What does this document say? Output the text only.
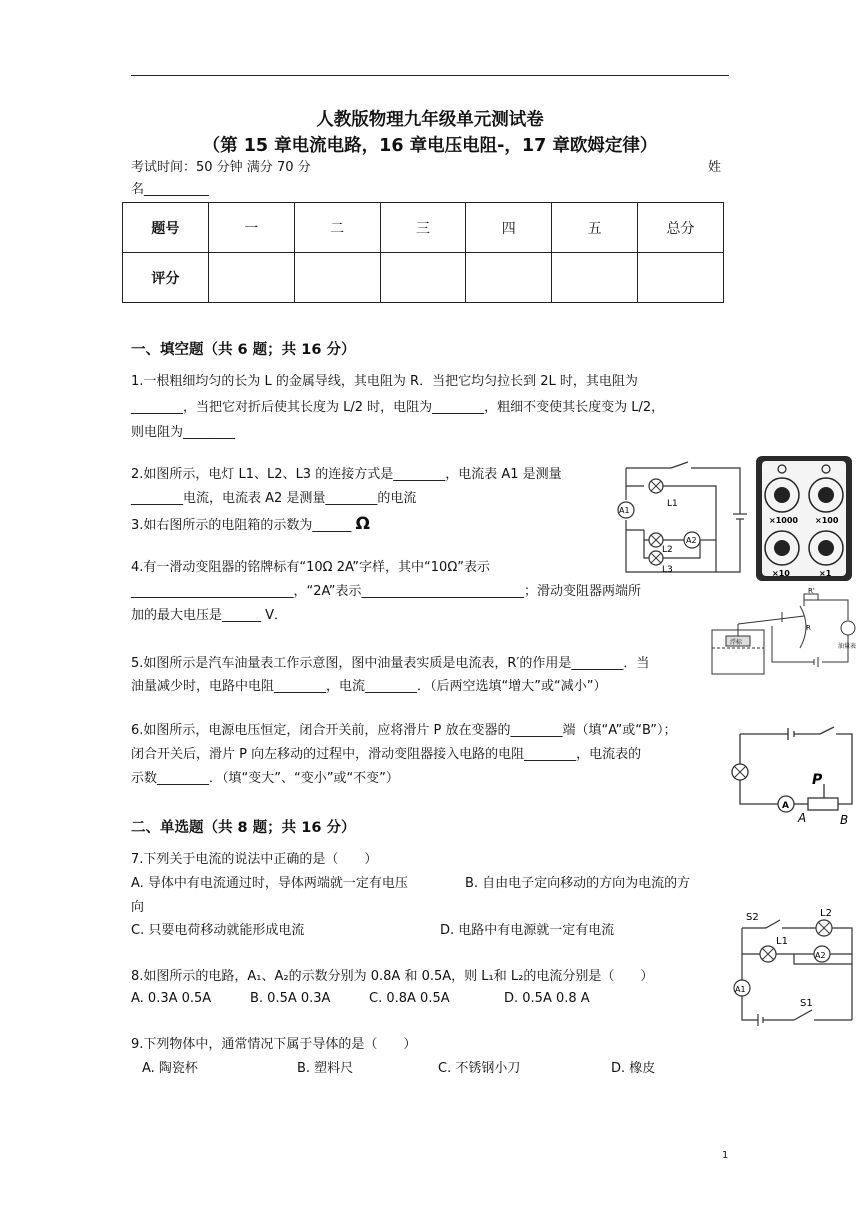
人教版物理九年级单元测试卷
（第 15 章电流电路，16 章电压电阻-，17 章欧姆定律）
考试时间：50 分钟 满分 70 分	姓
名__________
题号	一	二	三	四	五	总分
评分						
一、填空题（共 6 题；共 16 分）
1.一根粗细均匀的长为 L 的金属导线，其电阻为 R．当把它均匀拉长到 2L 时，其电阻为
________，当把它对折后使其长度为 L/2 时，电阻为________，粗细不变使其长度变为 L/2，
则电阻为________
2.如图所示，电灯 L1、L2、L3 的连接方式是________，电流表 A1 是测量
________电流，电流表 A2 是测量________的电流
3.如右图所示的电阻箱的示数为______ Ω
4.有一滑动变阻器的铭牌标有“10Ω 2A”字样，其中“10Ω”表示
_________________________，“2A”表示_________________________；滑动变阻器两端所
加的最大电压是______ V．
5.如图所示是汽车油量表工作示意图，图中油量表实质是电流表，R′的作用是________．当
油量减少时，电路中电阻________，电流________．（后两空选填“增大”或“减小”）
6.如图所示，电源电压恒定，闭合开关前，应将滑片 P 放在变器的________端（填“A”或“B”）；
闭合开关后，滑片 P 向左移动的过程中，滑动变阻器接入电路的电阻________，电流表的
示数________．（填“变大”、“变小”或“不变”）
二、单选题（共 8 题；共 16 分）
7.下列关于电流的说法中正确的是（　　）
A. 导体中有电流通过时，导体两端就一定有电压	B. 自由电子定向移动的方向为电流的方
向
C. 只要电荷移动就能形成电流	D. 电路中有电源就一定有电流
8.如图所示的电路，A₁、A₂的示数分别为 0.8A 和 0.5A，则 L₁和 L₂的电流分别是（　　）
A. 0.3A 0.5A	B. 0.5A 0.3A	C. 0.8A 0.5A	D. 0.5A 0.8 A
9.下列物体中，通常情况下属于导体的是（　　）
A. 陶瓷杯	B. 塑料尺	C. 不锈钢小刀	D. 橡皮
L1
L2
L3
A1
A2
×1000 ×100
×10	×1
浮标
R
R'
油量表
A
P
A	B
S2	L2
L1
A2
A1
S1
1
